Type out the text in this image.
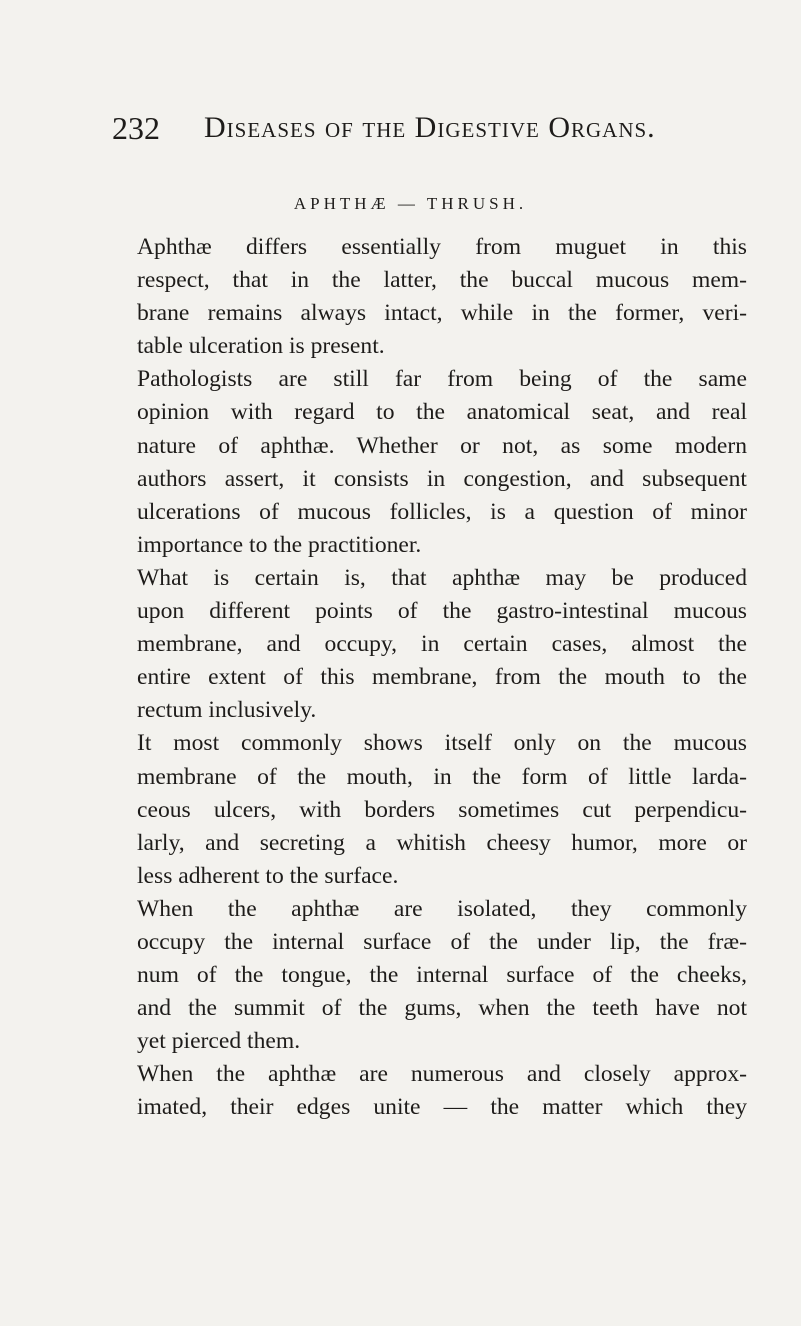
232 Diseases of the Digestive Organs.
APHTHÆ — THRUSH.

Aphthæ differs essentially from muguet in this
respect, that in the latter, the buccal mucous mem-
brane remains always intact, while in the former, veri-
table ulceration is present.

Pathologists are still far from being of the same
opinion with regard to the anatomical seat, and real
nature of aphthæ. Whether or not, as some modern
authors assert, it consists in congestion, and subsequent
ulcerations of mucous follicles, is a question of minor
importance to the practitioner.

What is certain is, that aphthæ may be produced
upon different points of the gastro-intestinal mucous
membrane, and occupy, in certain cases, almost the
entire extent of this membrane, from the mouth to the
rectum inclusively.

It most commonly shows itself only on the mucous
membrane of the mouth, in the form of little larda-
ceous ulcers, with borders sometimes cut perpendicu-
larly, and secreting a whitish cheesy humor, more or
less adherent to the surface.

When the aphthæ are isolated, they commonly
occupy the internal surface of the under lip, the fræ-
num of the tongue, the internal surface of the cheeks,
and the summit of the gums, when the teeth have not
yet pierced them.

When the aphthæ are numerous and closely approx-
imated, their edges unite — the matter which they
